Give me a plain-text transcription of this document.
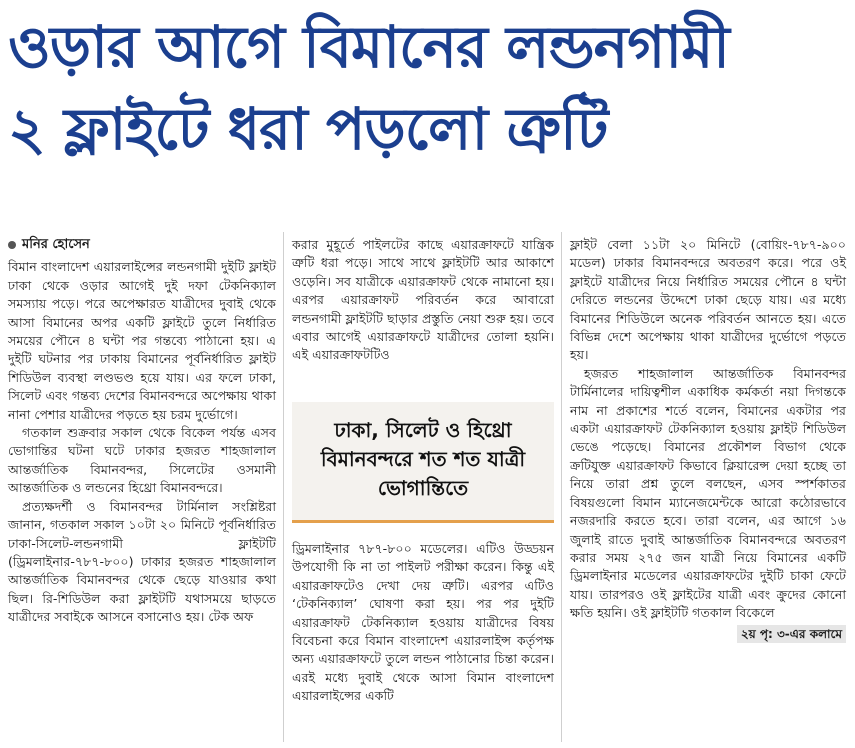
ওড়ার আগে বিমানের লন্ডনগামী
২ ফ্লাইটে ধরা পড়লো ত্রুটি
মনির হোসেন

বিমান বাংলাদেশ এয়ারলাইন্সের লন্ডনগামী দুইটি ফ্লাইট ঢাকা থেকে ওড়ার আগেই দুই দফা টেকনিক্যাল সমস্যায় পড়ে। পরে অপেক্ষারত যাত্রীদের দুবাই থেকে আসা বিমানের অপর একটি ফ্লাইটে তুলে নির্ধারিত সময়ের পৌনে ৪ ঘন্টা পর গন্তব্যে পাঠানো হয়। এ দুইটি ঘটনার পর ঢাকায় বিমানের পূর্বনির্ধারিত ফ্লাইট শিডিউল ব্যবস্থা লণ্ডভণ্ড হয়ে যায়। এর ফলে ঢাকা, সিলেট এবং গন্তব্য দেশের বিমানবন্দরে অপেক্ষায় থাকা নানা পেশার যাত্রীদের পড়তে হয় চরম দুর্ভোগে।

গতকাল শুক্রবার সকাল থেকে বিকেল পর্যন্ত এসব ভোগান্তির ঘটনা ঘটে ঢাকার হজরত শাহজালাল আন্তর্জাতিক বিমানবন্দর, সিলেটের ওসমানী আন্তর্জাতিক ও লন্ডনের হিথ্রো বিমানবন্দরে।

প্রত্যক্ষদর্শী ও বিমানবন্দর টার্মিনাল সংশ্লিষ্টরা জানান, গতকাল সকাল ১০টা ২০ মিনিটে পূর্বনির্ধারিত ঢাকা-সিলেট-লন্ডনগামী ফ্লাইটটি (ড্রিমলাইনার-৭৮৭-৮০০) ঢাকার হজরত শাহজালাল আন্তর্জাতিক বিমানবন্দর থেকে ছেড়ে যাওয়ার কথা ছিল। রি-শিডিউল করা ফ্লাইটটি যথাসময়ে ছাড়তে যাত্রীদের সবাইকে আসনে বসানোও হয়। টেক অফ

করার মুহূর্তে পাইলটের কাছে এয়ারক্রাফটে যান্ত্রিক ত্রুটি ধরা পড়ে। সাথে সাথে ফ্লাইটটি আর আকাশে ওড়েনি। সব যাত্রীকে এয়ারক্রাফট থেকে নামানো হয়। এরপর এয়ারক্রাফট পরিবর্তন করে আবারো লন্ডনগামী ফ্লাইটটি ছাড়ার প্রস্তুতি নেয়া শুরু হয়। তবে এবার আগেই এয়ারক্রাফটে যাত্রীদের তোলা হয়নি। এই এয়ারক্রাফটটিও

ঢাকা, সিলেট ও হিথ্রো বিমানবন্দরে শত শত যাত্রী ভোগান্তিতে

ড্রিমলাইনার ৭৮৭-৮০০ মডেলের। এটিও উড্ডয়ন উপযোগী কি না তা পাইলট পরীক্ষা করেন। কিন্তু এই এয়ারক্রাফটেও দেখা দেয় ত্রুটি। এরপর এটিও ‘টেকনিক্যাল’ ঘোষণা করা হয়। পর পর দুইটি এয়ারক্রাফট টেকনিক্যাল হওয়ায় যাত্রীদের বিষয় বিবেচনা করে বিমান বাংলাদেশ এয়ারলাইন্স কর্তৃপক্ষ অন্য এয়ারক্রাফটে তুলে লন্ডন পাঠানোর চিন্তা করেন। এরই মধ্যে দুবাই থেকে আসা বিমান বাংলাদেশ এয়ারলাইন্সের একটি

ফ্লাইট বেলা ১১টা ২০ মিনিটে (বোয়িং-৭৮৭-৯০০ মডেল) ঢাকার বিমানবন্দরে অবতরণ করে। পরে ওই ফ্লাইটে যাত্রীদের নিয়ে নির্ধারিত সময়ের পৌনে ৪ ঘন্টা দেরিতে লন্ডনের উদ্দেশে ঢাকা ছেড়ে যায়। এর মধ্যে বিমানের শিডিউলে অনেক পরিবর্তন আনতে হয়। এতে বিভিন্ন দেশে অপেক্ষায় থাকা যাত্রীদের দুর্ভোগে পড়তে হয়।

হজরত শাহজালাল আন্তর্জাতিক বিমানবন্দর টার্মিনালের দায়িত্বশীল একাধিক কর্মকর্তা নয়া দিগন্তকে নাম না প্রকাশের শর্তে বলেন, বিমানের একটার পর একটা এয়ারক্রাফট টেকনিক্যাল হওয়ায় ফ্লাইট শিডিউল ভেঙে পড়েছে। বিমানের প্রকৌশল বিভাগ থেকে ক্রটিযুক্ত এয়ারক্রাফট কিভাবে ক্লিয়ারেন্স দেয়া হচ্ছে তা নিয়ে তারা প্রশ্ন তুলে বলছেন, এসব স্পর্শকাতর বিষয়গুলো বিমান ম্যানেজমেন্টকে আরো কঠোরভাবে নজরদারি করতে হবে। তারা বলেন, এর আগে ১৬ জুলাই রাতে দুবাই আন্তর্জাতিক বিমানবন্দরে অবতরণ করার সময় ২৭৫ জন যাত্রী নিয়ে বিমানের একটি ড্রিমলাইনার মডেলের এয়ারক্রাফটের দুইটি চাকা ফেটে যায়। তারপরও ওই ফ্লাইটের যাত্রী এবং ক্রুদের কোনো ক্ষতি হয়নি। ওই ফ্লাইটটি গতকাল বিকেলে

২য় পৃ: ৩-এর কলামে
